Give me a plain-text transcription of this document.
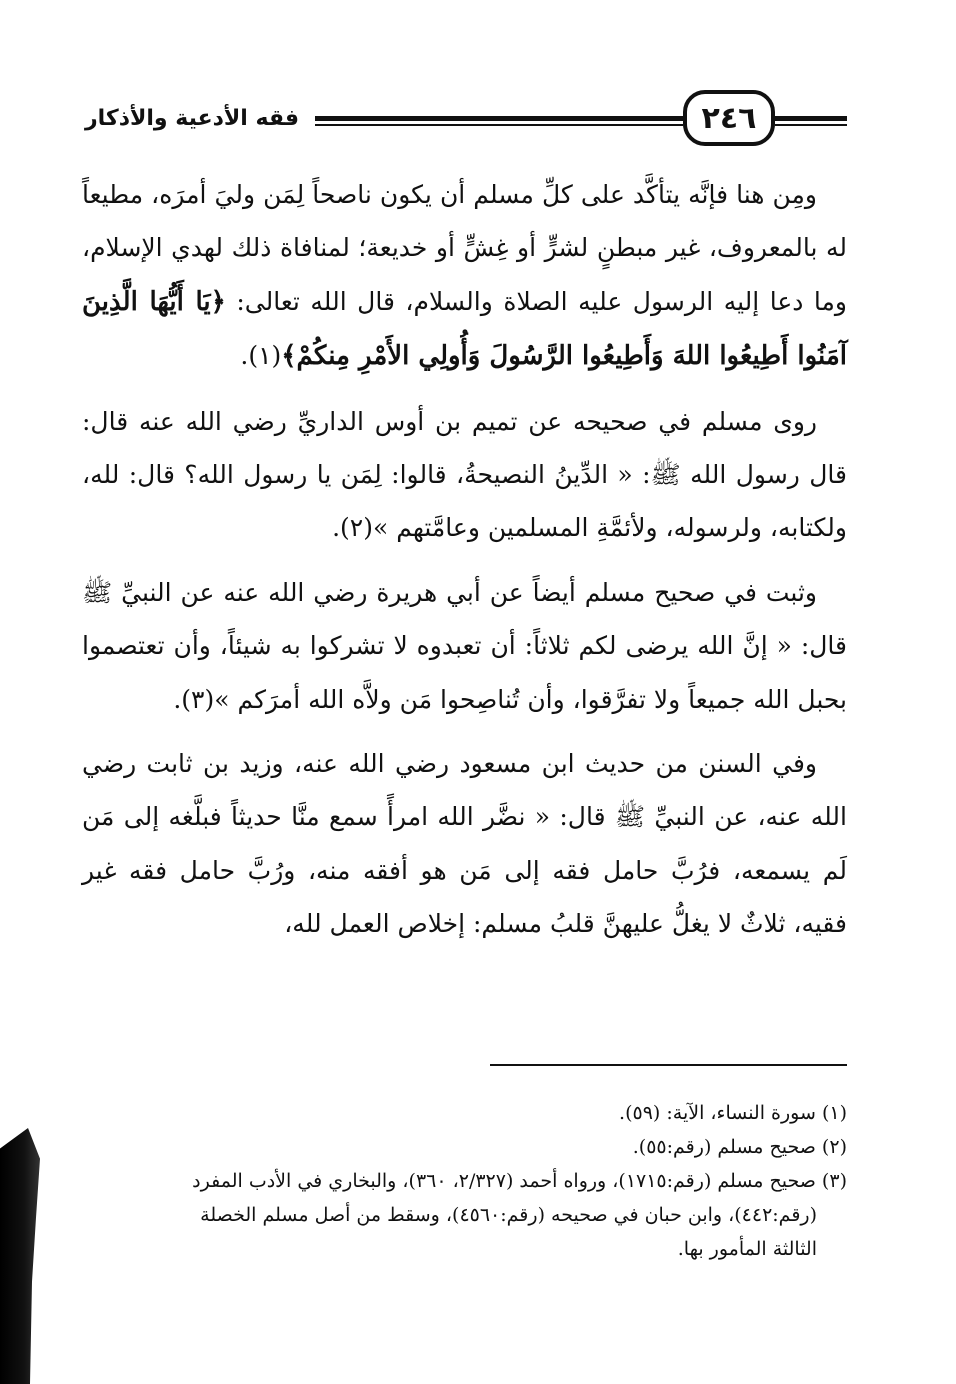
فقه الأدعية والأذكار	٢٤٦

ومِن هنا فإنَّه يتأكَّد على كلِّ مسلم أن يكون ناصحاً لِمَن وليَ أمرَه، مطيعاً له بالمعروف، غير مبطنٍ لشرٍّ أو غِشٍّ أو خديعة؛ لمنافاة ذلك لهدي الإسلام، وما دعا إليه الرسول عليه الصلاة والسلام، قال الله تعالى: ﴿يَا أَيُّهَا الَّذِينَ آمَنُوا أَطِيعُوا اللهَ وَأَطِيعُوا الرَّسُولَ وَأُولِي الأَمْرِ مِنكُمْ﴾(١).

روى مسلم في صحيحه عن تميم بن أوس الداريِّ رضي الله عنه قال: قال رسول الله ﷺ: « الدِّينُ النصيحةُ، قالوا: لِمَن يا رسول الله؟ قال: لله، ولكتابه، ولرسوله، ولأئمَّةِ المسلمين وعامَّتهم »(٢).

وثبت في صحيح مسلم أيضاً عن أبي هريرة رضي الله عنه عن النبيِّ ﷺ قال: « إنَّ الله يرضى لكم ثلاثاً: أن تعبدوه لا تشركوا به شيئاً، وأن تعتصموا بحبل الله جميعاً ولا تفرَّقوا، وأن تُناصِحوا مَن ولاَّه الله أمرَكم »(٣).

وفي السنن من حديث ابن مسعود رضي الله عنه، وزيد بن ثابت رضي الله عنه، عن النبيِّ ﷺ قال: « نضَّر الله امرأً سمع منَّا حديثاً فبلَّغه إلى مَن لَم يسمعه، فرُبَّ حامل فقه إلى مَن هو أفقه منه، ورُبَّ حامل فقه غير فقيه، ثلاثٌ لا يغلُّ عليهنَّ قلبُ مسلم: إخلاص العمل لله،

(١) سورة النساء، الآية: (٥٩).
(٢) صحيح مسلم (رقم:٥٥).
(٣) صحيح مسلم (رقم:١٧١٥)، ورواه أحمد (٢/٣٢٧، ٣٦٠)، والبخاري في الأدب المفرد
(رقم:٤٤٢)، وابن حبان في صحيحه (رقم:٤٥٦٠)، وسقط من أصل مسلم الخصلة
الثالثة المأمور بها.
